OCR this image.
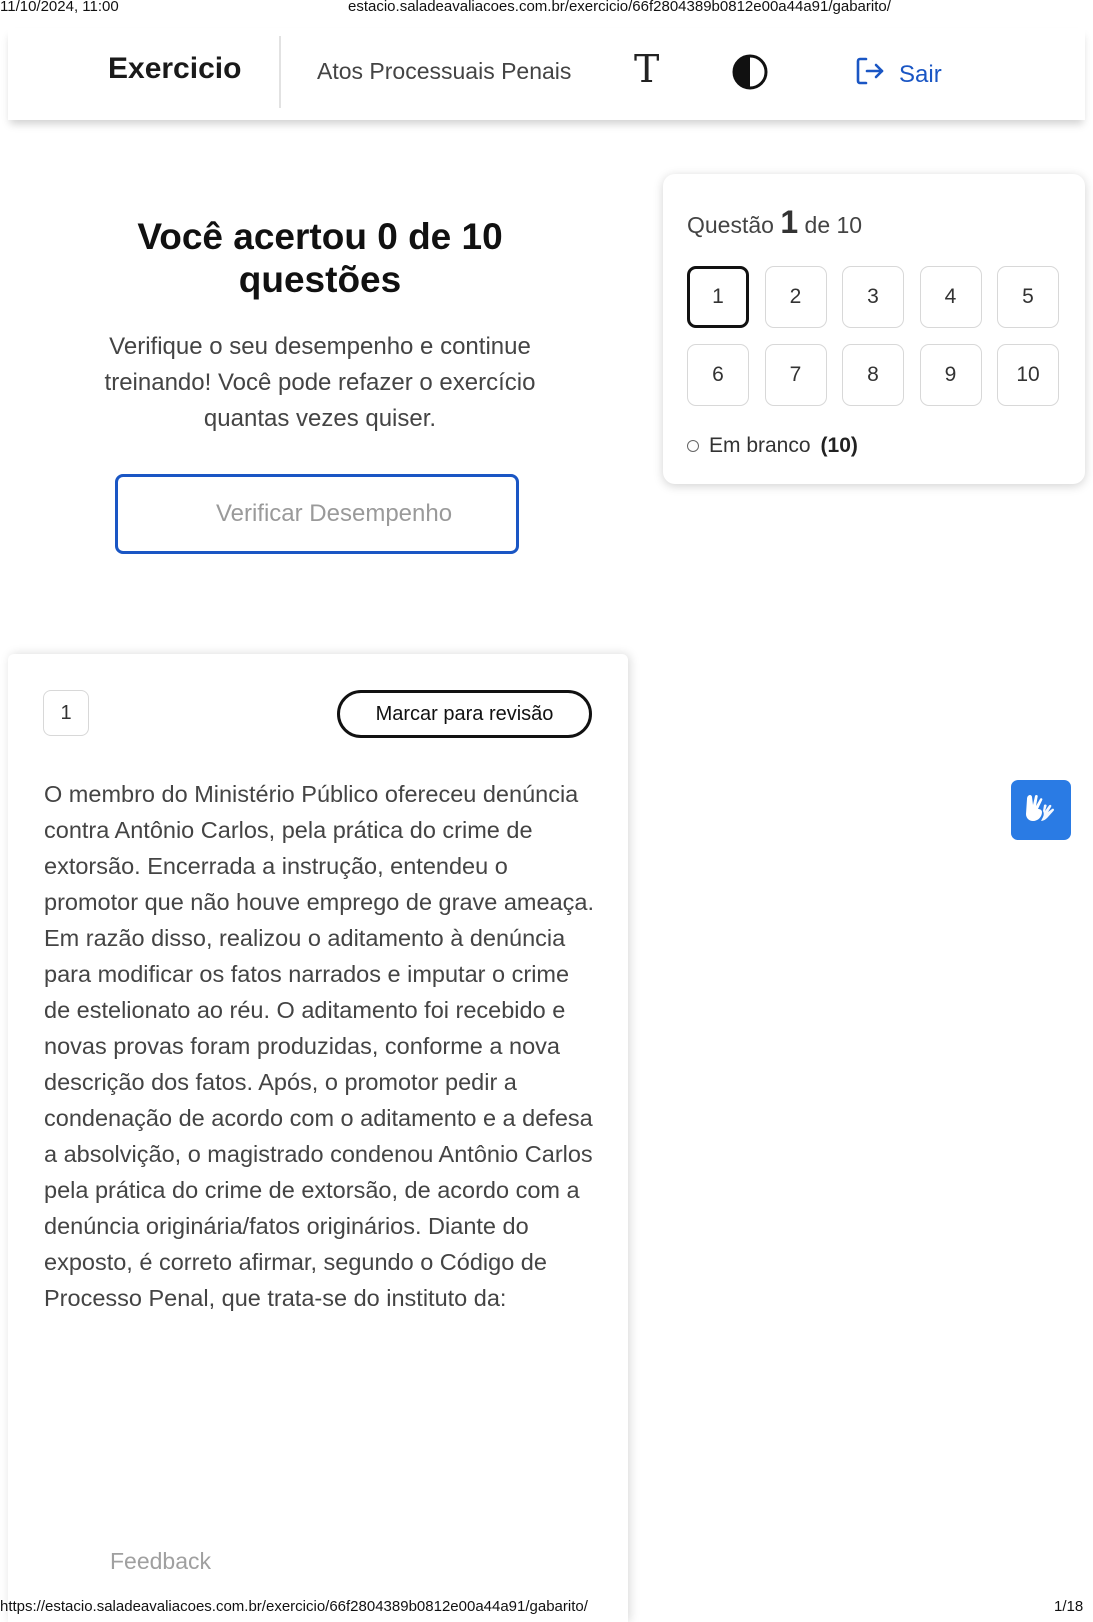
11/10/2024, 11:00	estacio.saladeavaliacoes.com.br/exercicio/66f2804389b0812e00a44a91/gabarito/
Exercicio	Atos Processuais Penais T	Sair
Você acertou 0 de 10 questões
Verifique o seu desempenho e continue treinando! Você pode refazer o exercício quantas vezes quiser.
Verificar Desempenho
Questão 1 de 10
1	2	3	4	5
6	7	8	9	10
Em branco (10)
1	Marcar para revisão
O membro do Ministério Público ofereceu denúncia contra Antônio Carlos, pela prática do crime de extorsão. Encerrada a instrução, entendeu o promotor que não houve emprego de grave ameaça. Em razão disso, realizou o aditamento à denúncia para modificar os fatos narrados e imputar o crime de estelionato ao réu. O aditamento foi recebido e novas provas foram produzidas, conforme a nova descrição dos fatos. Após, o promotor pedir a condenação de acordo com o aditamento e a defesa a absolvição, o magistrado condenou Antônio Carlos pela prática do crime de extorsão, de acordo com a denúncia originária/fatos originários. Diante do exposto, é correto afirmar, segundo o Código de Processo Penal, que trata-se do instituto da:
Feedback
https://estacio.saladeavaliacoes.com.br/exercicio/66f2804389b0812e00a44a91/gabarito/	1/18
